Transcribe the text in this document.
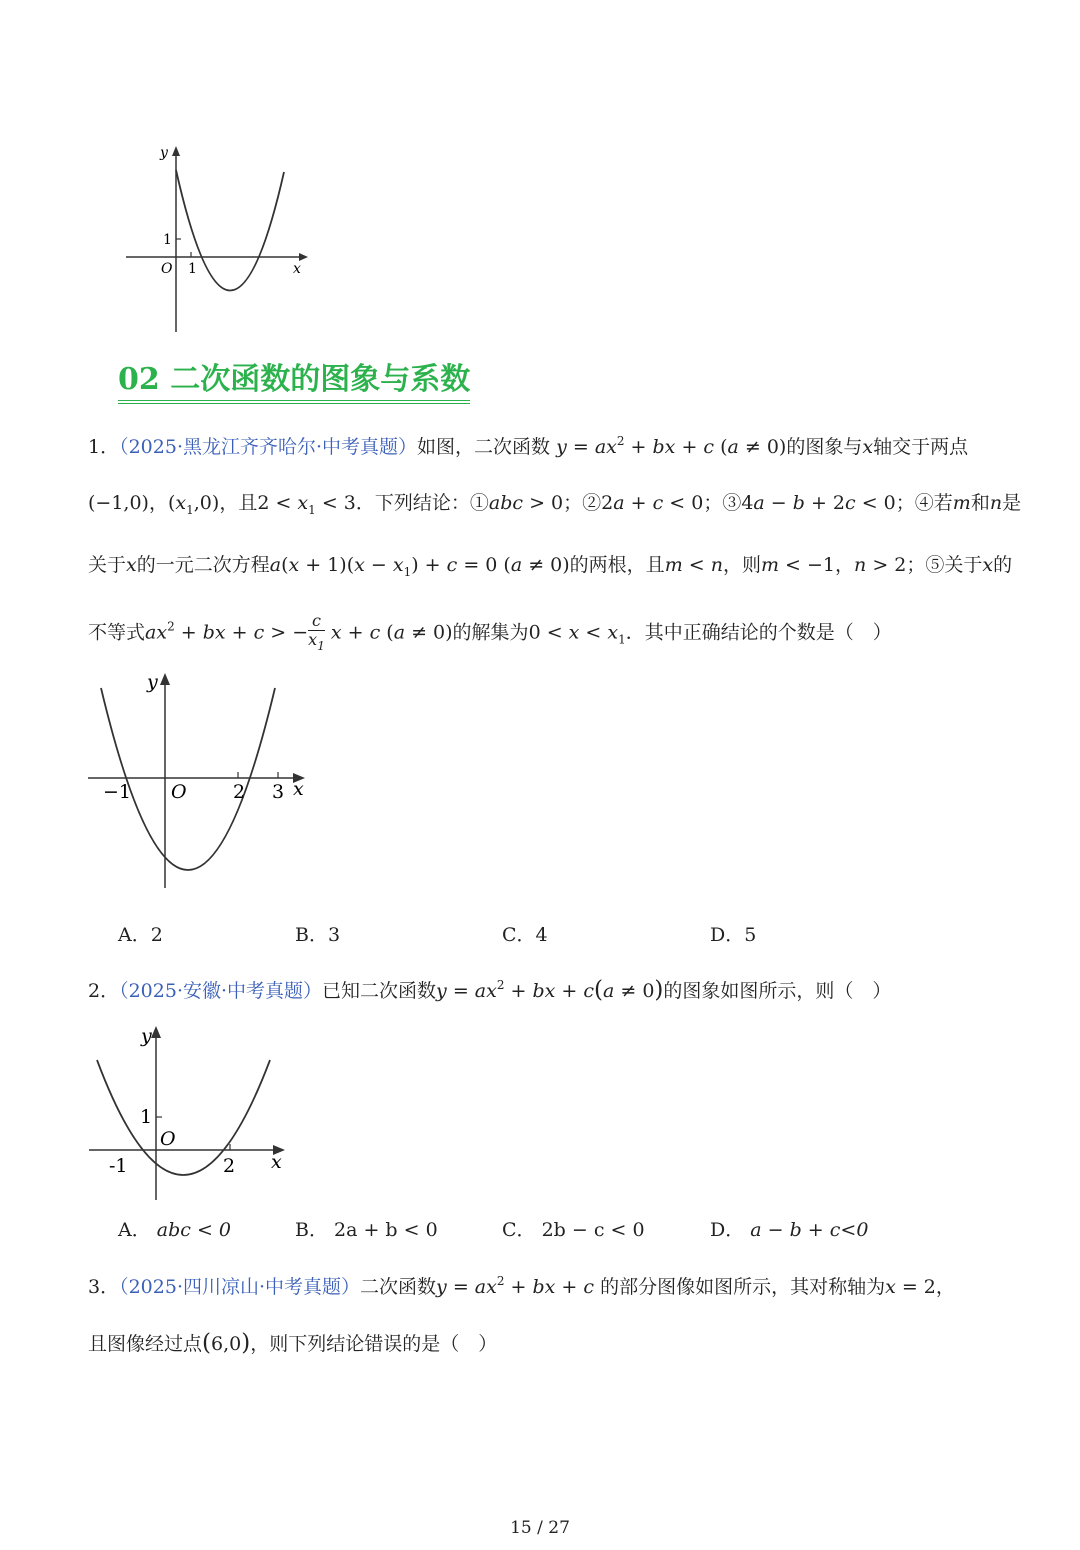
y
x
O 1
1
02 二次函数的图象与系数
1．（2025·黑龙江齐齐哈尔·中考真题）如图，二次函数 $y = ax^2$ + bx + c (a ≠ 0)的图象与x轴交于两点
(−1,0)，$(x_1,0)$，且$2 < x_1 < 3$．下列结论：①abc > 0；②2a + c < 0；③4a − b + 2c < 0；④若m和n是
关于x的一元二次方程$a(x + 1)(x - x_1) + c = 0$ (a ≠ 0)的两根，且m < n，则m < −1，n > 2；⑤关于x的
不等式$ax^2$ + bx + c > − $\frac{c}{x_1}$ x + c (a ≠ 0)的解集为$0 < x < x_1$．其中正确结论的个数是（　）
y
x
O
−1	2 3
A．2	B．3	C．4	D．5
2．（2025·安徽·中考真题）已知二次函数$y = ax^2$ + bx + c(a ≠ 0)的图象如图所示，则（　）
y
x
O
-1	2
1
A． abc < 0	B． 2a + b < 0	C． 2b − c < 0	D． a − b + c<0
3．（2025·四川凉山·中考真题）二次函数$y = ax^2$ + bx + c 的部分图像如图所示，其对称轴为x = 2，
且图像经过点(6,0)，则下列结论错误的是（　）
15 / 27
